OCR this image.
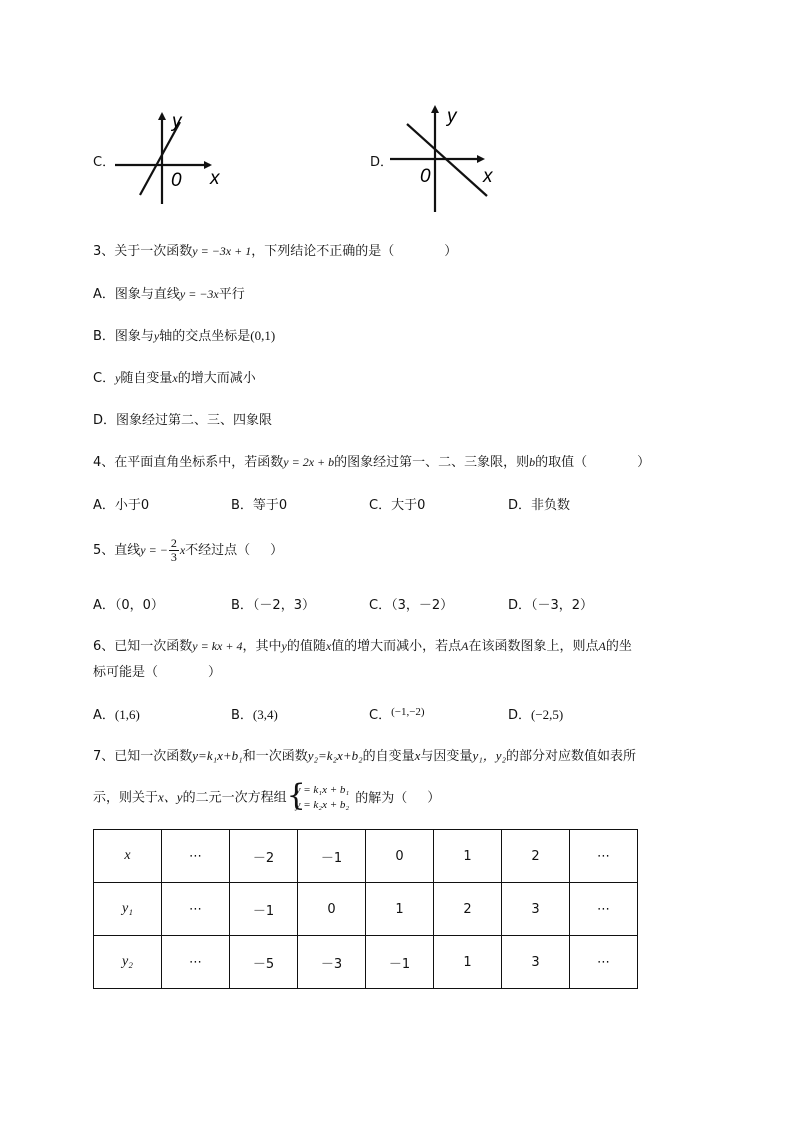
C．
y
0 x
D．
y
0	x
3、关于一次函数y = −3x + 1，下列结论不正确的是（	）
A．图象与直线y = −3x平行
B．图象与y轴的交点坐标是(0,1)
C．y随自变量x的增大而减小
D．图象经过第二、三、四象限
4、在平面直角坐标系中，若函数y = 2x + b的图象经过第一、二、三象限，则b的取值（	）
A．小于0	B．等于0	C．大于0	D．非负数
5、直线y = − $\frac{2}{3}$ x不经过点（ ）
A．（0，0）	B．（－2，3）	C．（3，－2）	D．（－3，2）
6、已知一次函数y = kx + 4，其中y的值随x值的增大而减小，若点A在该函数图象上，则点A的坐
标可能是（	）
A．(1,6)	B．(3,4)	C．$^{(-1,-2)}$	D．(−2,5)
7、已知一次函数y=k₁x+b₁和一次函数y₂=k₂x+b₂的自变量x与因变量y₁，y₂的部分对应数值如表所
示，则关于x、y的二元一次方程组 {
y = k₁x + b₁
y = k₂x + b₂ 的解为（ ）
x	⋯	－2	－1	0	1	2	⋯
y₁	⋯	－1	0	1	2	3	⋯
y₂	⋯	－5	－3	－1	1	3	⋯
